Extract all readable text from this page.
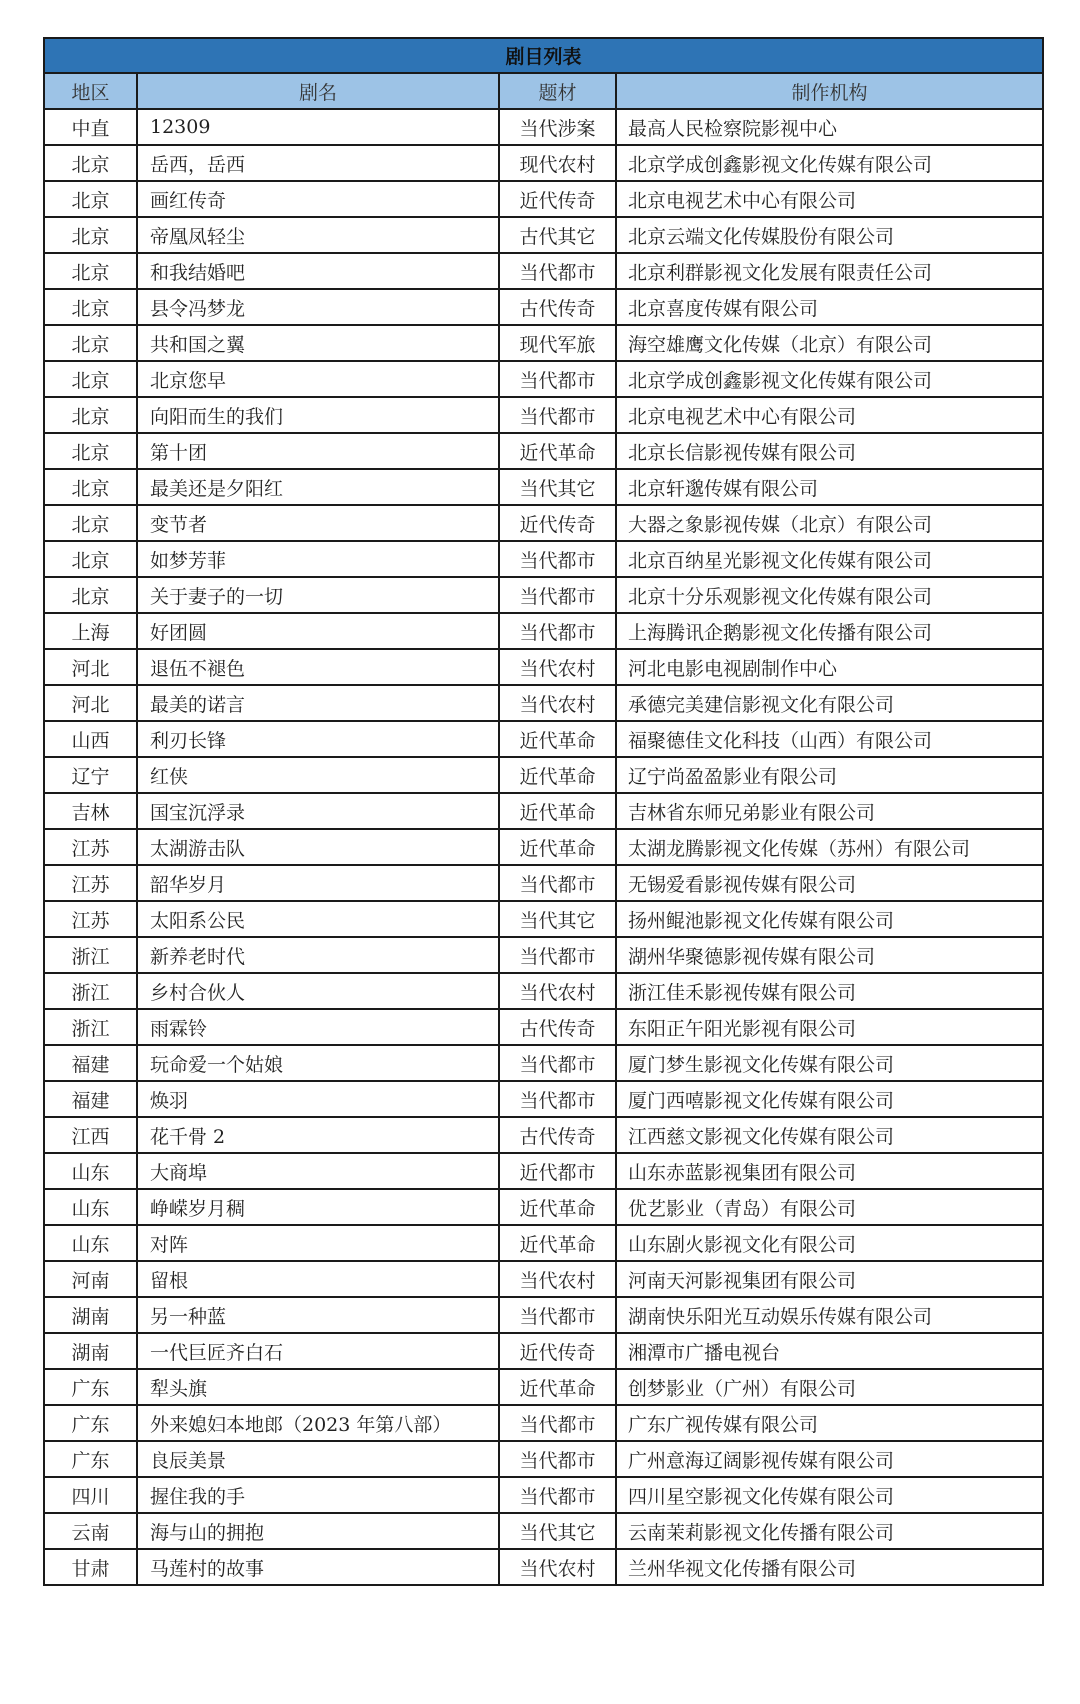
剧目列表			
地区	剧名	题材	制作机构
中直	12309	当代涉案	最高人民检察院影视中心
北京	岳西，岳西	现代农村	北京学成创鑫影视文化传媒有限公司
北京	画红传奇	近代传奇	北京电视艺术中心有限公司
北京	帝凰凤轻尘	古代其它	北京云端文化传媒股份有限公司
北京	和我结婚吧	当代都市	北京利群影视文化发展有限责任公司
北京	县令冯梦龙	古代传奇	北京喜度传媒有限公司
北京	共和国之翼	现代军旅	海空雄鹰文化传媒（北京）有限公司
北京	北京您早	当代都市	北京学成创鑫影视文化传媒有限公司
北京	向阳而生的我们	当代都市	北京电视艺术中心有限公司
北京	第十团	近代革命	北京长信影视传媒有限公司
北京	最美还是夕阳红	当代其它	北京轩邈传媒有限公司
北京	变节者	近代传奇	大器之象影视传媒（北京）有限公司
北京	如梦芳菲	当代都市	北京百纳星光影视文化传媒有限公司
北京	关于妻子的一切	当代都市	北京十分乐观影视文化传媒有限公司
上海	好团圆	当代都市	上海腾讯企鹅影视文化传播有限公司
河北	退伍不褪色	当代农村	河北电影电视剧制作中心
河北	最美的诺言	当代农村	承德完美建信影视文化有限公司
山西	利刃长锋	近代革命	福聚德佳文化科技（山西）有限公司
辽宁	红侠	近代革命	辽宁尚盈盈影业有限公司
吉林	国宝沉浮录	近代革命	吉林省东师兄弟影业有限公司
江苏	太湖游击队	近代革命	太湖龙腾影视文化传媒（苏州）有限公司
江苏	韶华岁月	当代都市	无锡爱看影视传媒有限公司
江苏	太阳系公民	当代其它	扬州鲲池影视文化传媒有限公司
浙江	新养老时代	当代都市	湖州华聚德影视传媒有限公司
浙江	乡村合伙人	当代农村	浙江佳禾影视传媒有限公司
浙江	雨霖铃	古代传奇	东阳正午阳光影视有限公司
福建	玩命爱一个姑娘	当代都市	厦门梦生影视文化传媒有限公司
福建	焕羽	当代都市	厦门西嘻影视文化传媒有限公司
江西	花千骨 2	古代传奇	江西慈文影视文化传媒有限公司
山东	大商埠	近代都市	山东赤蓝影视集团有限公司
山东	峥嵘岁月稠	近代革命	优艺影业（青岛）有限公司
山东	对阵	近代革命	山东剧火影视文化有限公司
河南	留根	当代农村	河南天河影视集团有限公司
湖南	另一种蓝	当代都市	湖南快乐阳光互动娱乐传媒有限公司
湖南	一代巨匠齐白石	近代传奇	湘潭市广播电视台
广东	犁头旗	近代革命	创梦影业（广州）有限公司
广东	外来媳妇本地郎（2023 年第八部）	当代都市	广东广视传媒有限公司
广东	良辰美景	当代都市	广州意海辽阔影视传媒有限公司
四川	握住我的手	当代都市	四川星空影视文化传媒有限公司
云南	海与山的拥抱	当代其它	云南茉莉影视文化传播有限公司
甘肃	马莲村的故事	当代农村	兰州华视文化传播有限公司
